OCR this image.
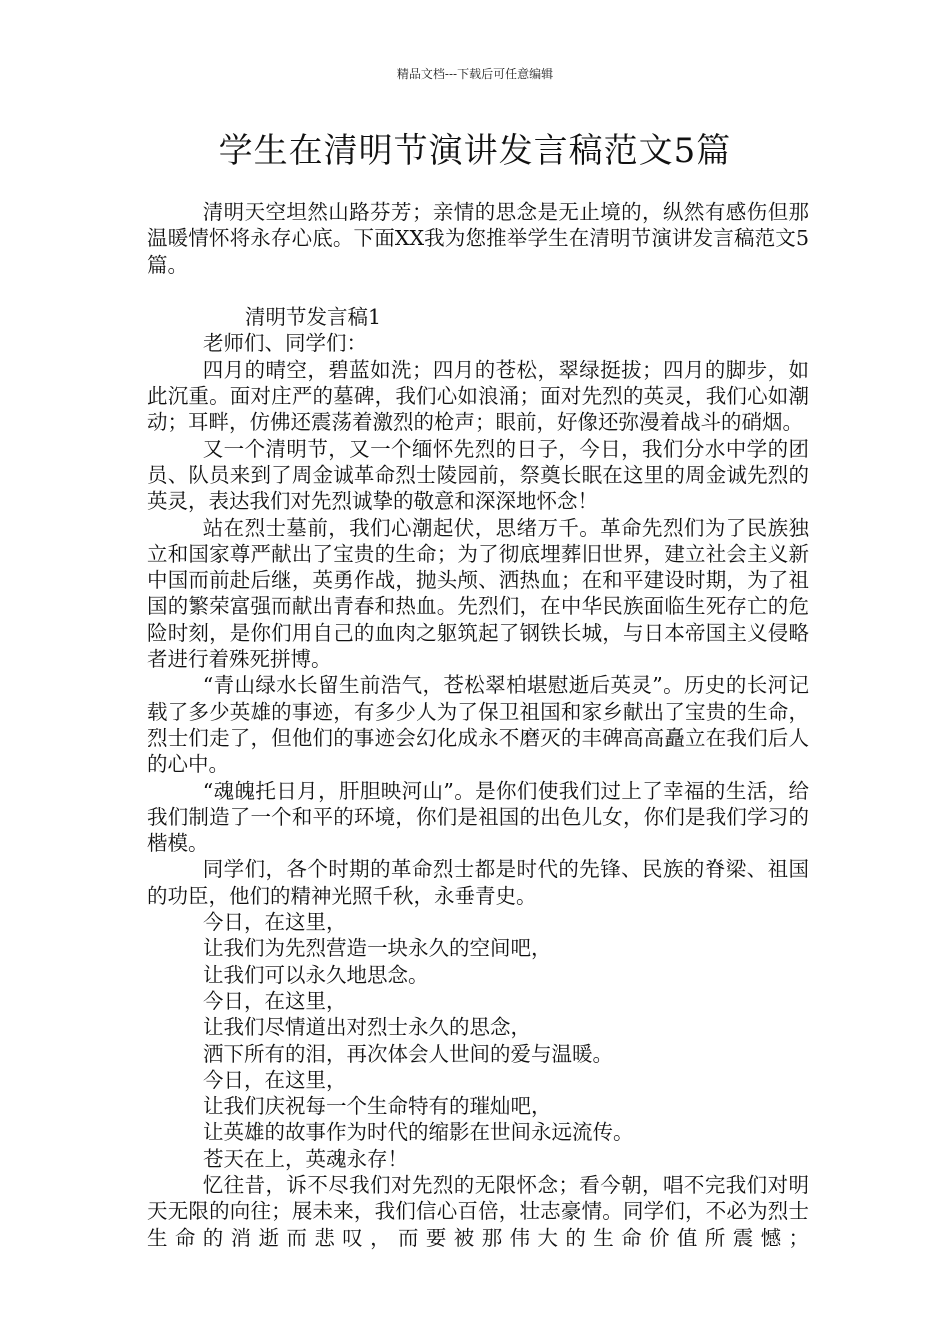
精品文档---下载后可任意编辑
学生在清明节演讲发言稿范文5篇

清明天空坦然山路芬芳；亲情的思念是无止境的，纵然有感伤但那温暖情怀将永存心底。下面XX我为您推举学生在清明节演讲发言稿范文5篇。

清明节发言稿1

老师们、同学们：

四月的晴空，碧蓝如洗；四月的苍松，翠绿挺拔；四月的脚步，如此沉重。面对庄严的墓碑，我们心如浪涌；面对先烈的英灵，我们心如潮动；耳畔，仿佛还震荡着激烈的枪声；眼前，好像还弥漫着战斗的硝烟。

又一个清明节，又一个缅怀先烈的日子，今日，我们分水中学的团员、队员来到了周金诚革命烈士陵园前，祭奠长眠在这里的周金诚先烈的英灵，表达我们对先烈诚挚的敬意和深深地怀念！

站在烈士墓前，我们心潮起伏，思绪万千。革命先烈们为了民族独立和国家尊严献出了宝贵的生命；为了彻底埋葬旧世界，建立社会主义新中国而前赴后继，英勇作战，抛头颅、洒热血；在和平建设时期，为了祖国的繁荣富强而献出青春和热血。先烈们，在中华民族面临生死存亡的危险时刻，是你们用自己的血肉之躯筑起了钢铁长城，与日本帝国主义侵略者进行着殊死拼博。

“青山绿水长留生前浩气，苍松翠柏堪慰逝后英灵”。历史的长河记载了多少英雄的事迹，有多少人为了保卫祖国和家乡献出了宝贵的生命，烈士们走了，但他们的事迹会幻化成永不磨灭的丰碑高高矗立在我们后人的心中。

“魂魄托日月，肝胆映河山”。是你们使我们过上了幸福的生活，给我们制造了一个和平的环境，你们是祖国的出色儿女，你们是我们学习的楷模。

同学们，各个时期的革命烈士都是时代的先锋、民族的脊梁、祖国的功臣，他们的精神光照千秋，永垂青史。

今日，在这里，

让我们为先烈营造一块永久的空间吧，

让我们可以永久地思念。

今日，在这里，

让我们尽情道出对烈士永久的思念，

洒下所有的泪，再次体会人世间的爱与温暖。

今日，在这里，

让我们庆祝每一个生命特有的璀灿吧，

让英雄的故事作为时代的缩影在世间永远流传。

苍天在上，英魂永存！

忆往昔，诉不尽我们对先烈的无限怀念；看今朝，唱不完我们对明天无限的向往；展未来，我们信心百倍，壮志豪情。同学们，不必为烈士生命的消逝而悲叹，而要被那伟大的生命价值所震憾；
